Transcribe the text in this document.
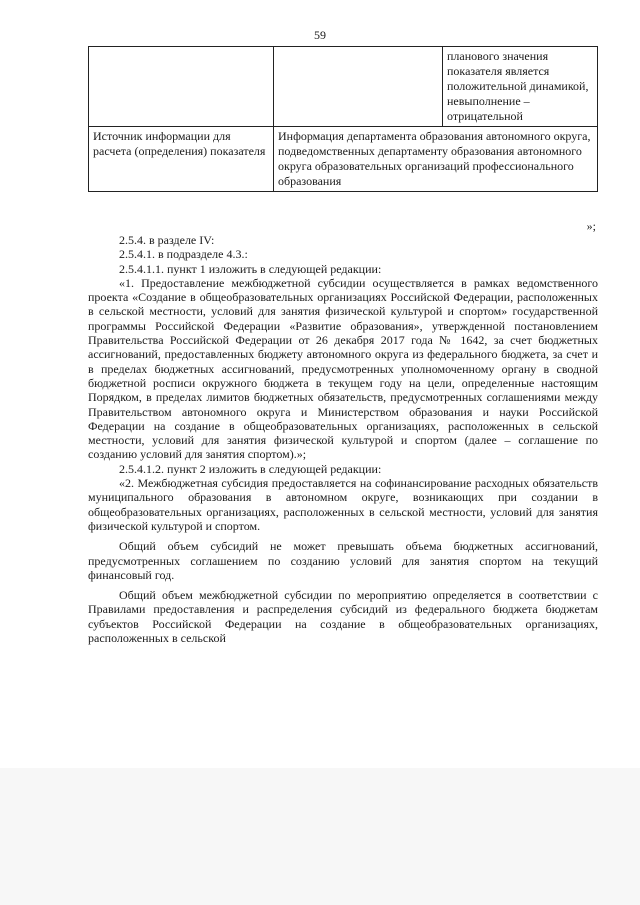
59
		планового значения показателя является положительной динамикой, невыполнение – отрицательной
Источник информации для расчета (определения) показателя	Информация департамента образования автономного округа, подведомственных департаменту образования автономного округа образовательных организаций профессионального образования	
»;

2.5.4. в разделе IV:

2.5.4.1. в подразделе 4.3.:

2.5.4.1.1. пункт 1 изложить в следующей редакции:

«1. Предоставление межбюджетной субсидии осуществляется в рамках ведомственного проекта «Создание в общеобразовательных организациях Российской Федерации, расположенных в сельской местности, условий для занятия физической культурой и спортом» государственной программы Российской Федерации «Развитие образования», утвержденной постановлением Правительства Российской Федерации от 26 декабря 2017 года № 1642, за счет бюджетных ассигнований, предоставленных бюджету автономного округа из федерального бюджета, за счет и в пределах бюджетных ассигнований, предусмотренных уполномоченному органу в сводной бюджетной росписи окружного бюджета в текущем году на цели, определенные настоящим Порядком, в пределах лимитов бюджетных обязательств, предусмотренных соглашениями между Правительством автономного округа и Министерством образования и науки Российской Федерации на создание в общеобразовательных организациях, расположенных в сельской местности, условий для занятия физической культурой и спортом (далее – соглашение по созданию условий для занятия спортом).»;

2.5.4.1.2. пункт 2 изложить в следующей редакции:

«2. Межбюджетная субсидия предоставляется на софинансирование расходных обязательств муниципального образования в автономном округе, возникающих при создании в общеобразовательных организациях, расположенных в сельской местности, условий для занятия физической культурой и спортом.

Общий объем субсидий не может превышать объема бюджетных ассигнований, предусмотренных соглашением по созданию условий для занятия спортом на текущий финансовый год.

Общий объем межбюджетной субсидии по мероприятию определяется в соответствии с Правилами предоставления и распределения субсидий из федерального бюджета бюджетам субъектов Российской Федерации на создание в общеобразовательных организациях, расположенных в сельской
